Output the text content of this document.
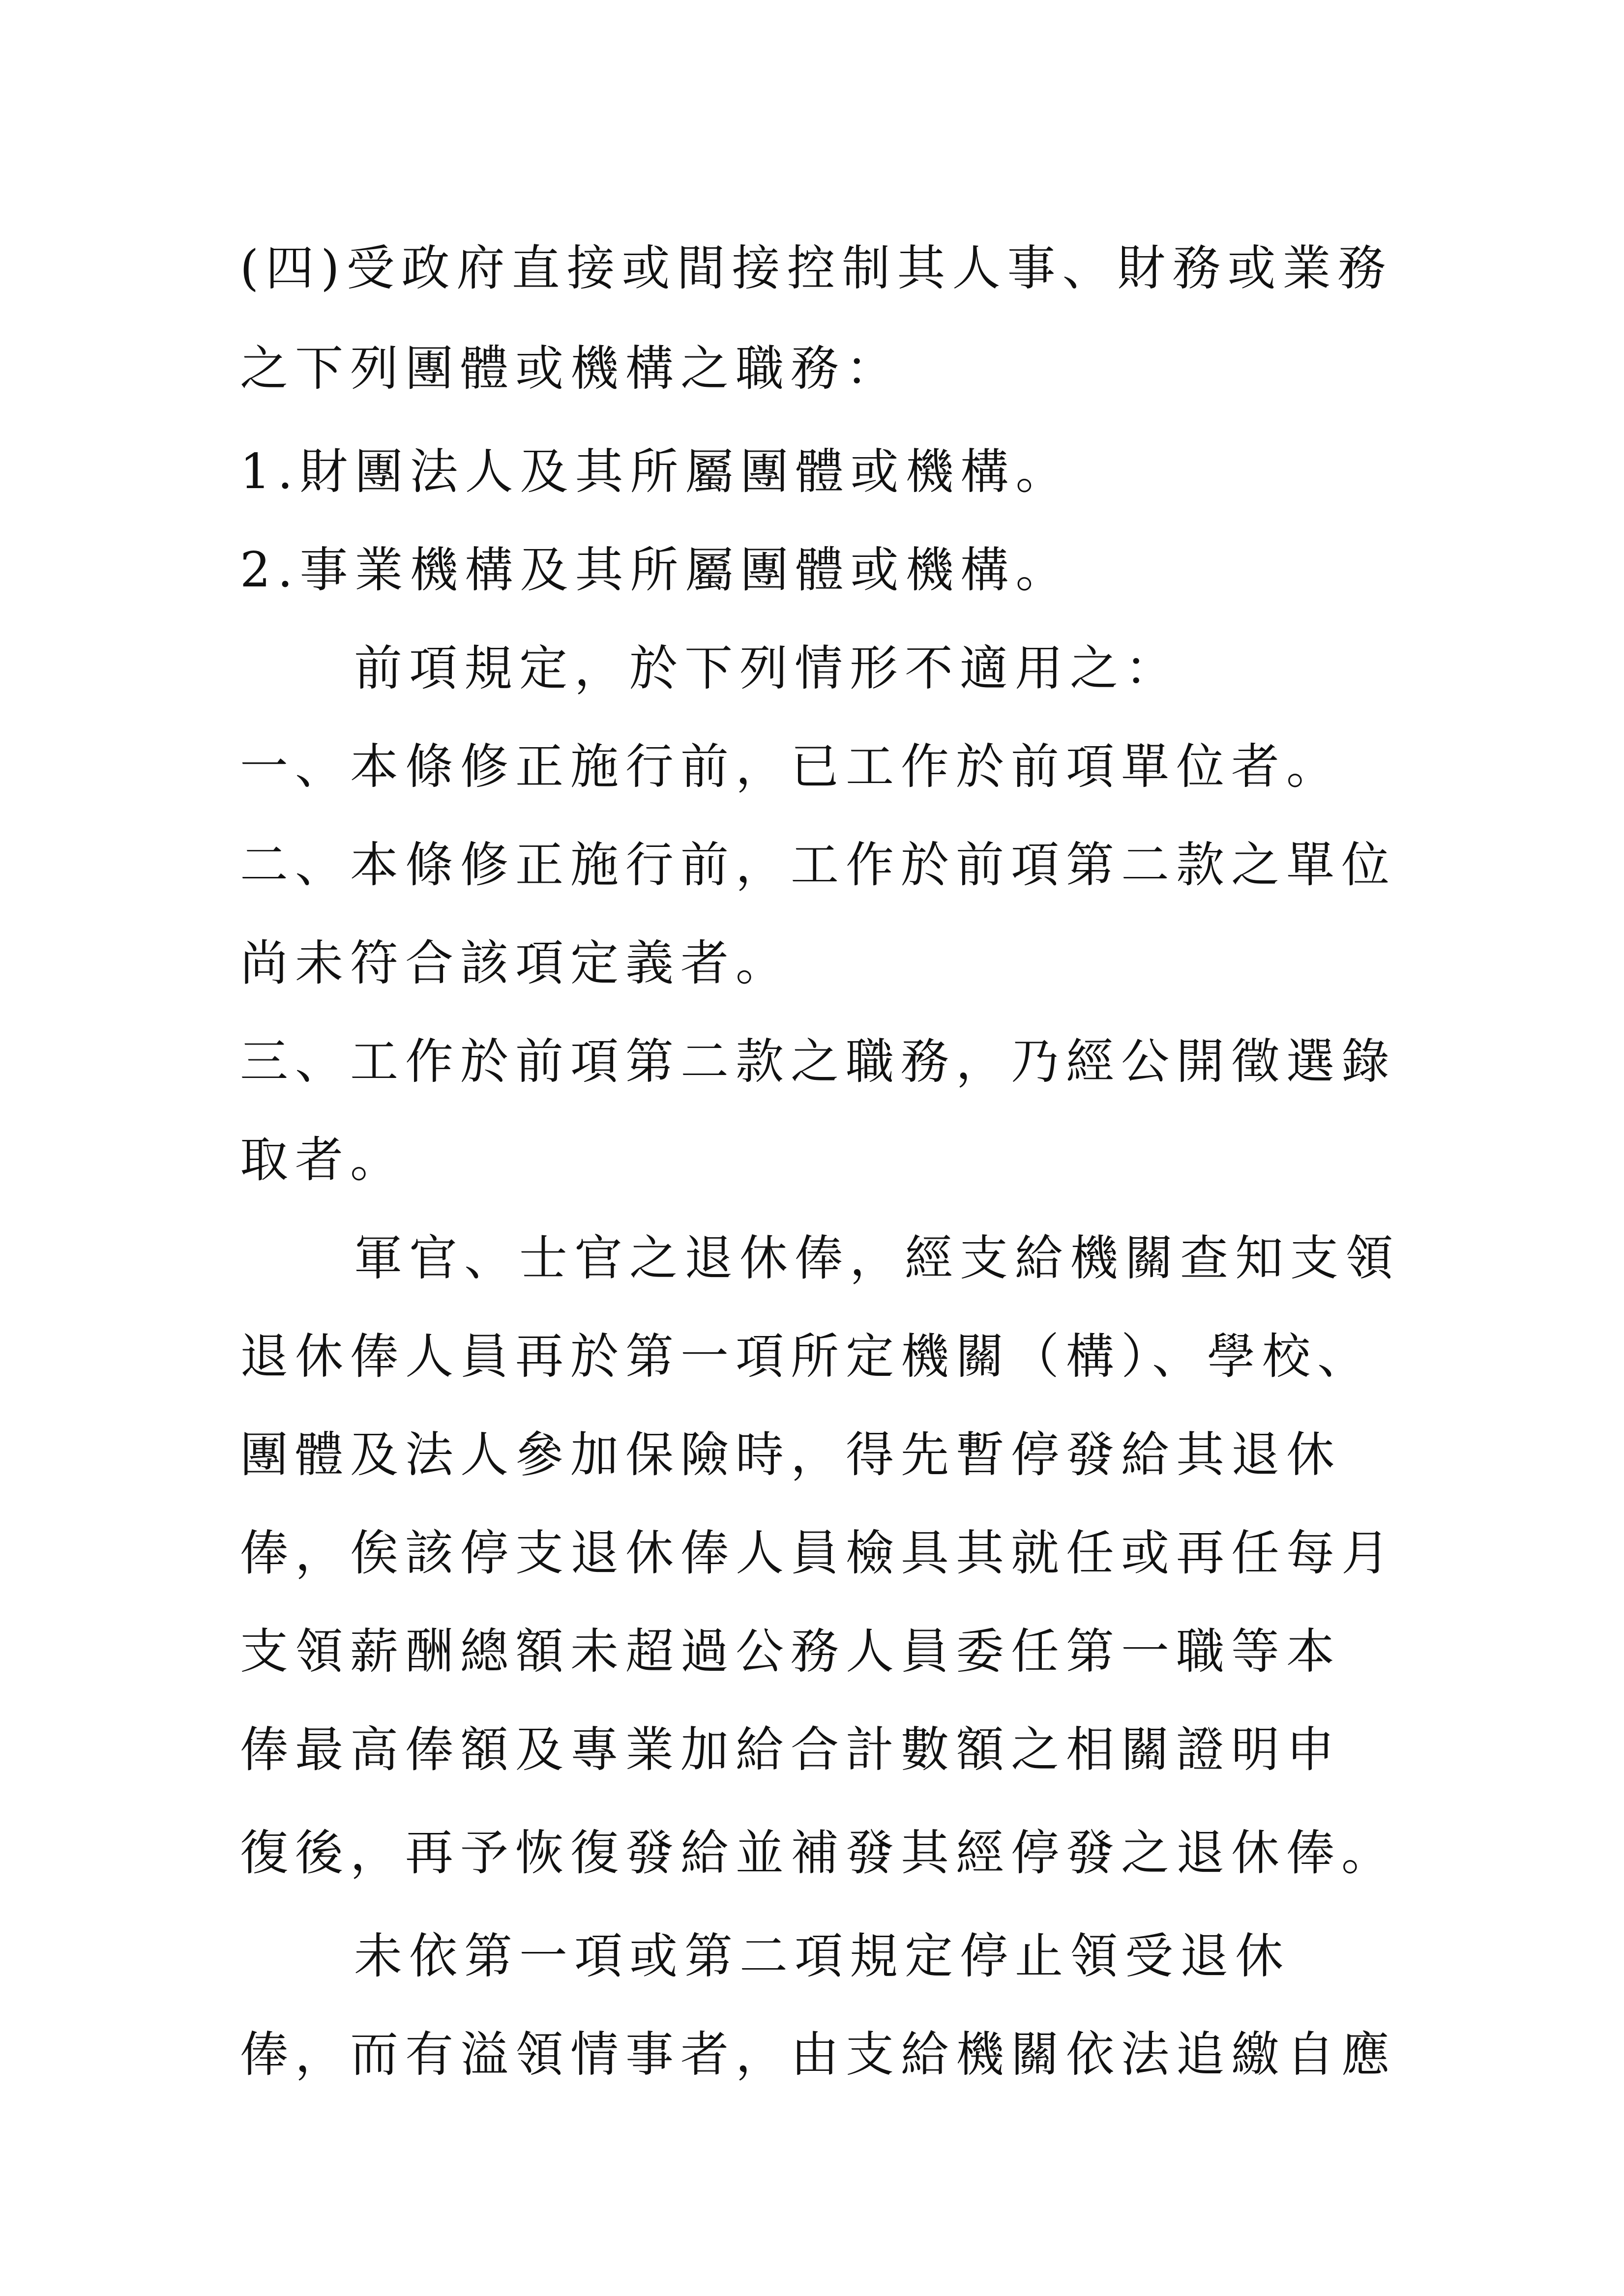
(四)受政府直接或間接控制其人事、財務或業務
之下列團體或機構之職務：
1.財團法人及其所屬團體或機構。
2.事業機構及其所屬團體或機構。
前項規定，於下列情形不適用之：
一、本條修正施行前，已工作於前項單位者。
二、本條修正施行前，工作於前項第二款之單位
尚未符合該項定義者。
三、工作於前項第二款之職務，乃經公開徵選錄
取者。
軍官、士官之退休俸，經支給機關查知支領
退休俸人員再於第一項所定機關（構）、學校、
團體及法人參加保險時，得先暫停發給其退休
俸，俟該停支退休俸人員檢具其就任或再任每月
支領薪酬總額未超過公務人員委任第一職等本
俸最高俸額及專業加給合計數額之相關證明申
復後，再予恢復發給並補發其經停發之退休俸。
未依第一項或第二項規定停止領受退休
俸，而有溢領情事者，由支給機關依法追繳自應
